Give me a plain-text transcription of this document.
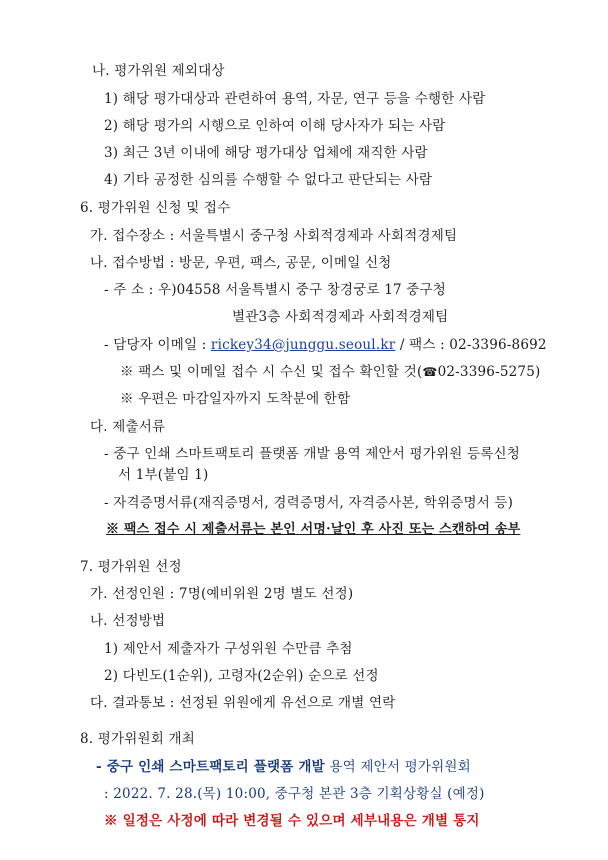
나. 평가위원 제외대상
1) 해당 평가대상과 관련하여 용역, 자문, 연구 등을 수행한 사람
2) 해당 평가의 시행으로 인하여 이해 당사자가 되는 사람
3) 최근 3년 이내에 해당 평가대상 업체에 재직한 사람
4) 기타 공정한 심의를 수행할 수 없다고 판단되는 사람
6. 평가위원 신청 및 접수
가. 접수장소 : 서울특별시 중구청 사회적경제과 사회적경제팀
나. 접수방법 : 방문, 우편, 팩스, 공문, 이메일 신청
- 주 소 : 우)04558 서울특별시 중구 창경궁로 17 중구청
별관3층 사회적경제과 사회적경제팀
- 담당자 이메일 : rickey34@junggu.seoul.kr / 팩스 : 02-3396-8692
※ 팩스 및 이메일 접수 시 수신 및 접수 확인할 것(☎02-3396-5275)
※ 우편은 마감일자까지 도착분에 한함
다. 제출서류
- 중구 인쇄 스마트팩토리 플랫폼 개발 용역 제안서 평가위원 등록신청
서 1부(붙임 1)
- 자격증명서류(재직증명서, 경력증명서, 자격증사본, 학위증명서 등)
※ 팩스 접수 시 제출서류는 본인 서명·날인 후 사진 또는 스캔하여 송부
7. 평가위원 선정
가. 선정인원 : 7명(예비위원 2명 별도 선정)
나. 선정방법
1) 제안서 제출자가 구성위원 수만큼 추첨
2) 다빈도(1순위), 고령자(2순위) 순으로 선정
다. 결과통보 : 선정된 위원에게 유선으로 개별 연락
8. 평가위원회 개최
- 중구 인쇄 스마트팩토리 플랫폼 개발 용역 제안서 평가위원회
: 2022. 7. 28.(목) 10:00, 중구청 본관 3층 기획상황실 (예정)
※ 일정은 사정에 따라 변경될 수 있으며 세부내용은 개별 통지
